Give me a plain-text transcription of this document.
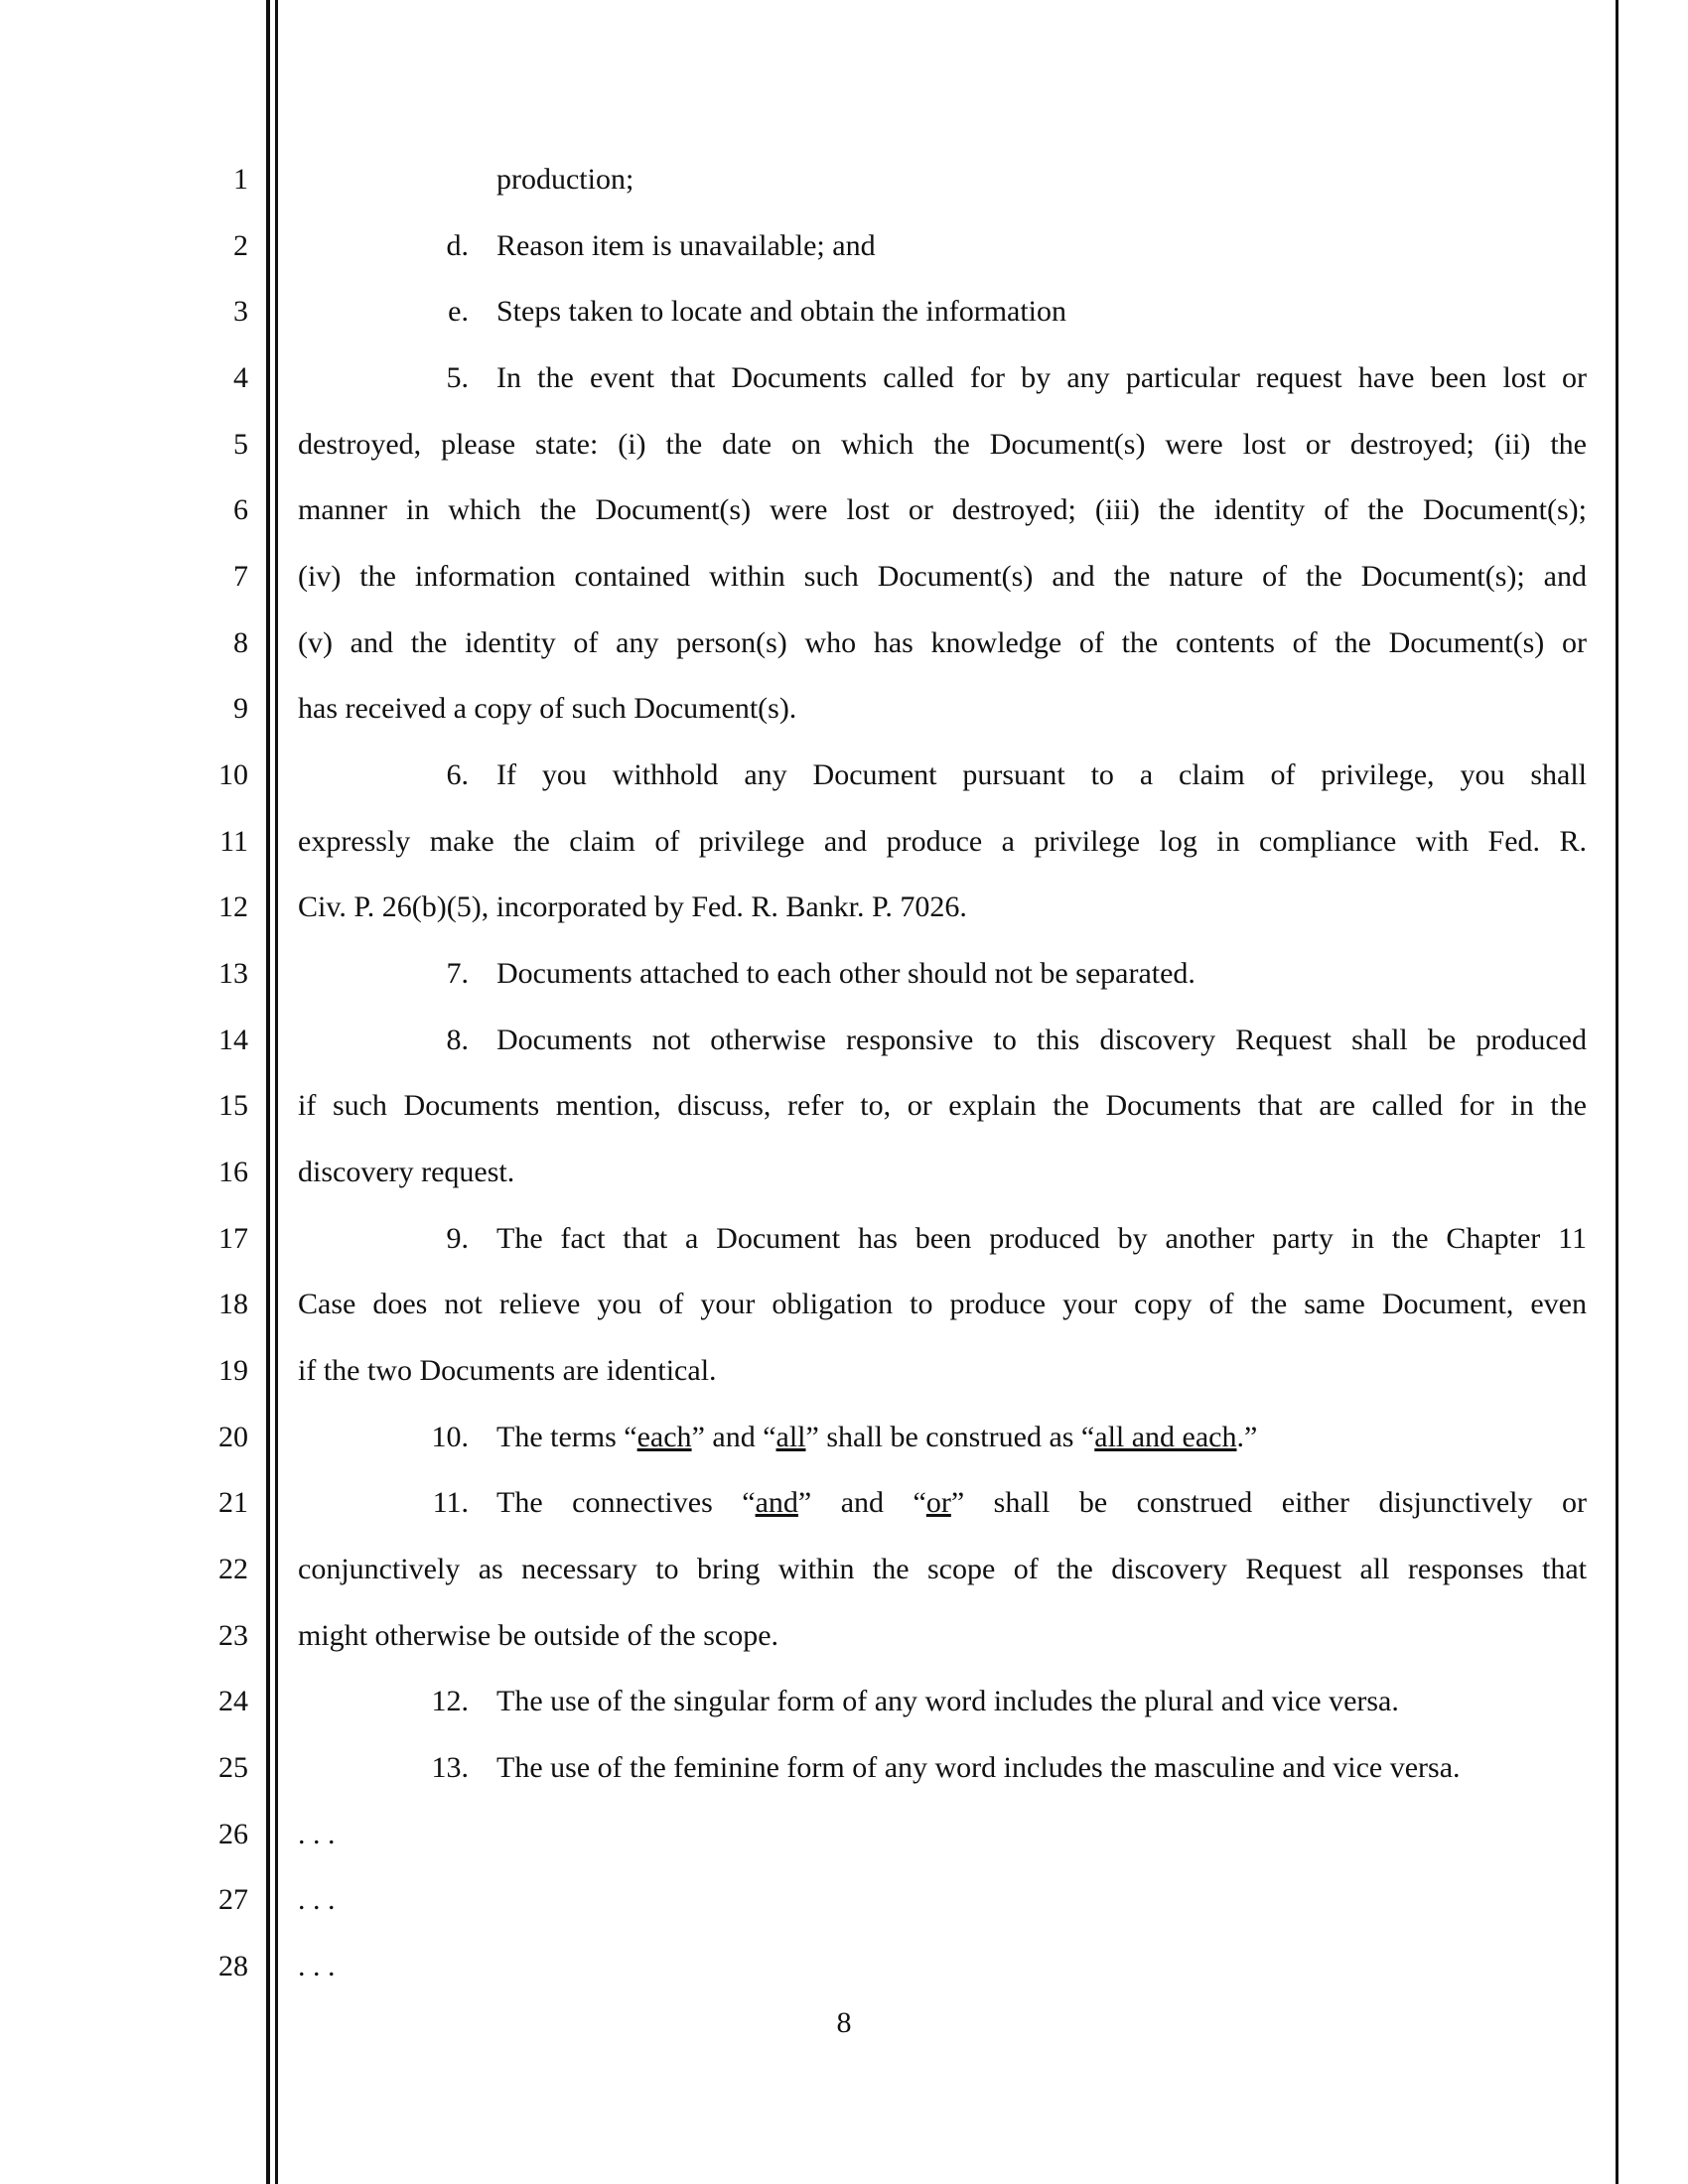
1
2
3
4
5
6
7
8
9
10
11
12
13
14
15
16
17
18
19
20
21
22
23
24
25
26
27
28
production;
d. Reason item is unavailable; and
e. Steps taken to locate and obtain the information
5. In the event that Documents called for by any particular request have been lost or
destroyed, please state: (i) the date on which the Document(s) were lost or destroyed; (ii) the
manner in which the Document(s) were lost or destroyed; (iii) the identity of the Document(s);
(iv) the information contained within such Document(s) and the nature of the Document(s); and
(v) and the identity of any person(s) who has knowledge of the contents of the Document(s) or
has received a copy of such Document(s).
6. If you withhold any Document pursuant to a claim of privilege, you shall
expressly make the claim of privilege and produce a privilege log in compliance with Fed. R.
Civ. P. 26(b)(5), incorporated by Fed. R. Bankr. P. 7026.
7. Documents attached to each other should not be separated.
8. Documents not otherwise responsive to this discovery Request shall be produced
if such Documents mention, discuss, refer to, or explain the Documents that are called for in the
discovery request.
9. The fact that a Document has been produced by another party in the Chapter 11
Case does not relieve you of your obligation to produce your copy of the same Document, even
if the two Documents are identical.
10. The terms “each” and “all” shall be construed as “all and each.”
11. The connectives “and” and “or” shall be construed either disjunctively or
conjunctively as necessary to bring within the scope of the discovery Request all responses that
might otherwise be outside of the scope.
12. The use of the singular form of any word includes the plural and vice versa.
13. The use of the feminine form of any word includes the masculine and vice versa.
. . .
. . .
. . .
8
